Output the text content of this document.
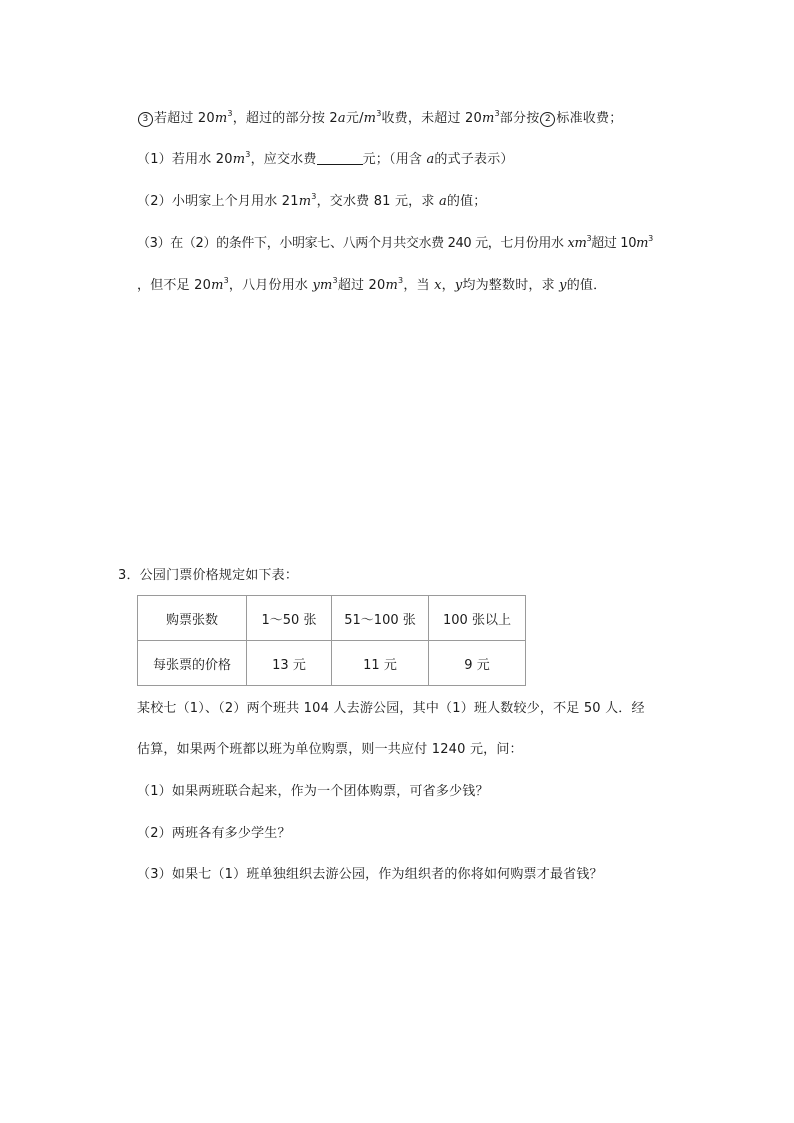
3 若超过 $20m^3$，超过的部分按 2a元$/m^3$收费，未超过 $20m^3$部分按 2 标准收费；
（1）若用水 $20m^3$，应交水费	元；（用含 a的式子表示）
（2）小明家上个月用水 $21m^3$，交水费 81 元，求 a的值；
（3）在（2）的条件下，小明家七、八两个月共交水费 240 元，七月份用水 $xm^3$超过 $10m^3$
，但不足 $20m^3$，八月份用水 $ym^3$超过 $20m^3$，当 x，y均为整数时，求 y的值．
3．公园门票价格规定如下表：
购票张数	1～50 张	51～100 张	100 张以上
每张票的价格	13 元	11 元	9 元
某校七（1）、（2）两个班共 104 人去游公园，其中（1）班人数较少，不足 50 人．经
估算，如果两个班都以班为单位购票，则一共应付 1240 元，问：
（1）如果两班联合起来，作为一个团体购票，可省多少钱？
（2）两班各有多少学生？
（3）如果七（1）班单独组织去游公园，作为组织者的你将如何购票才最省钱？
